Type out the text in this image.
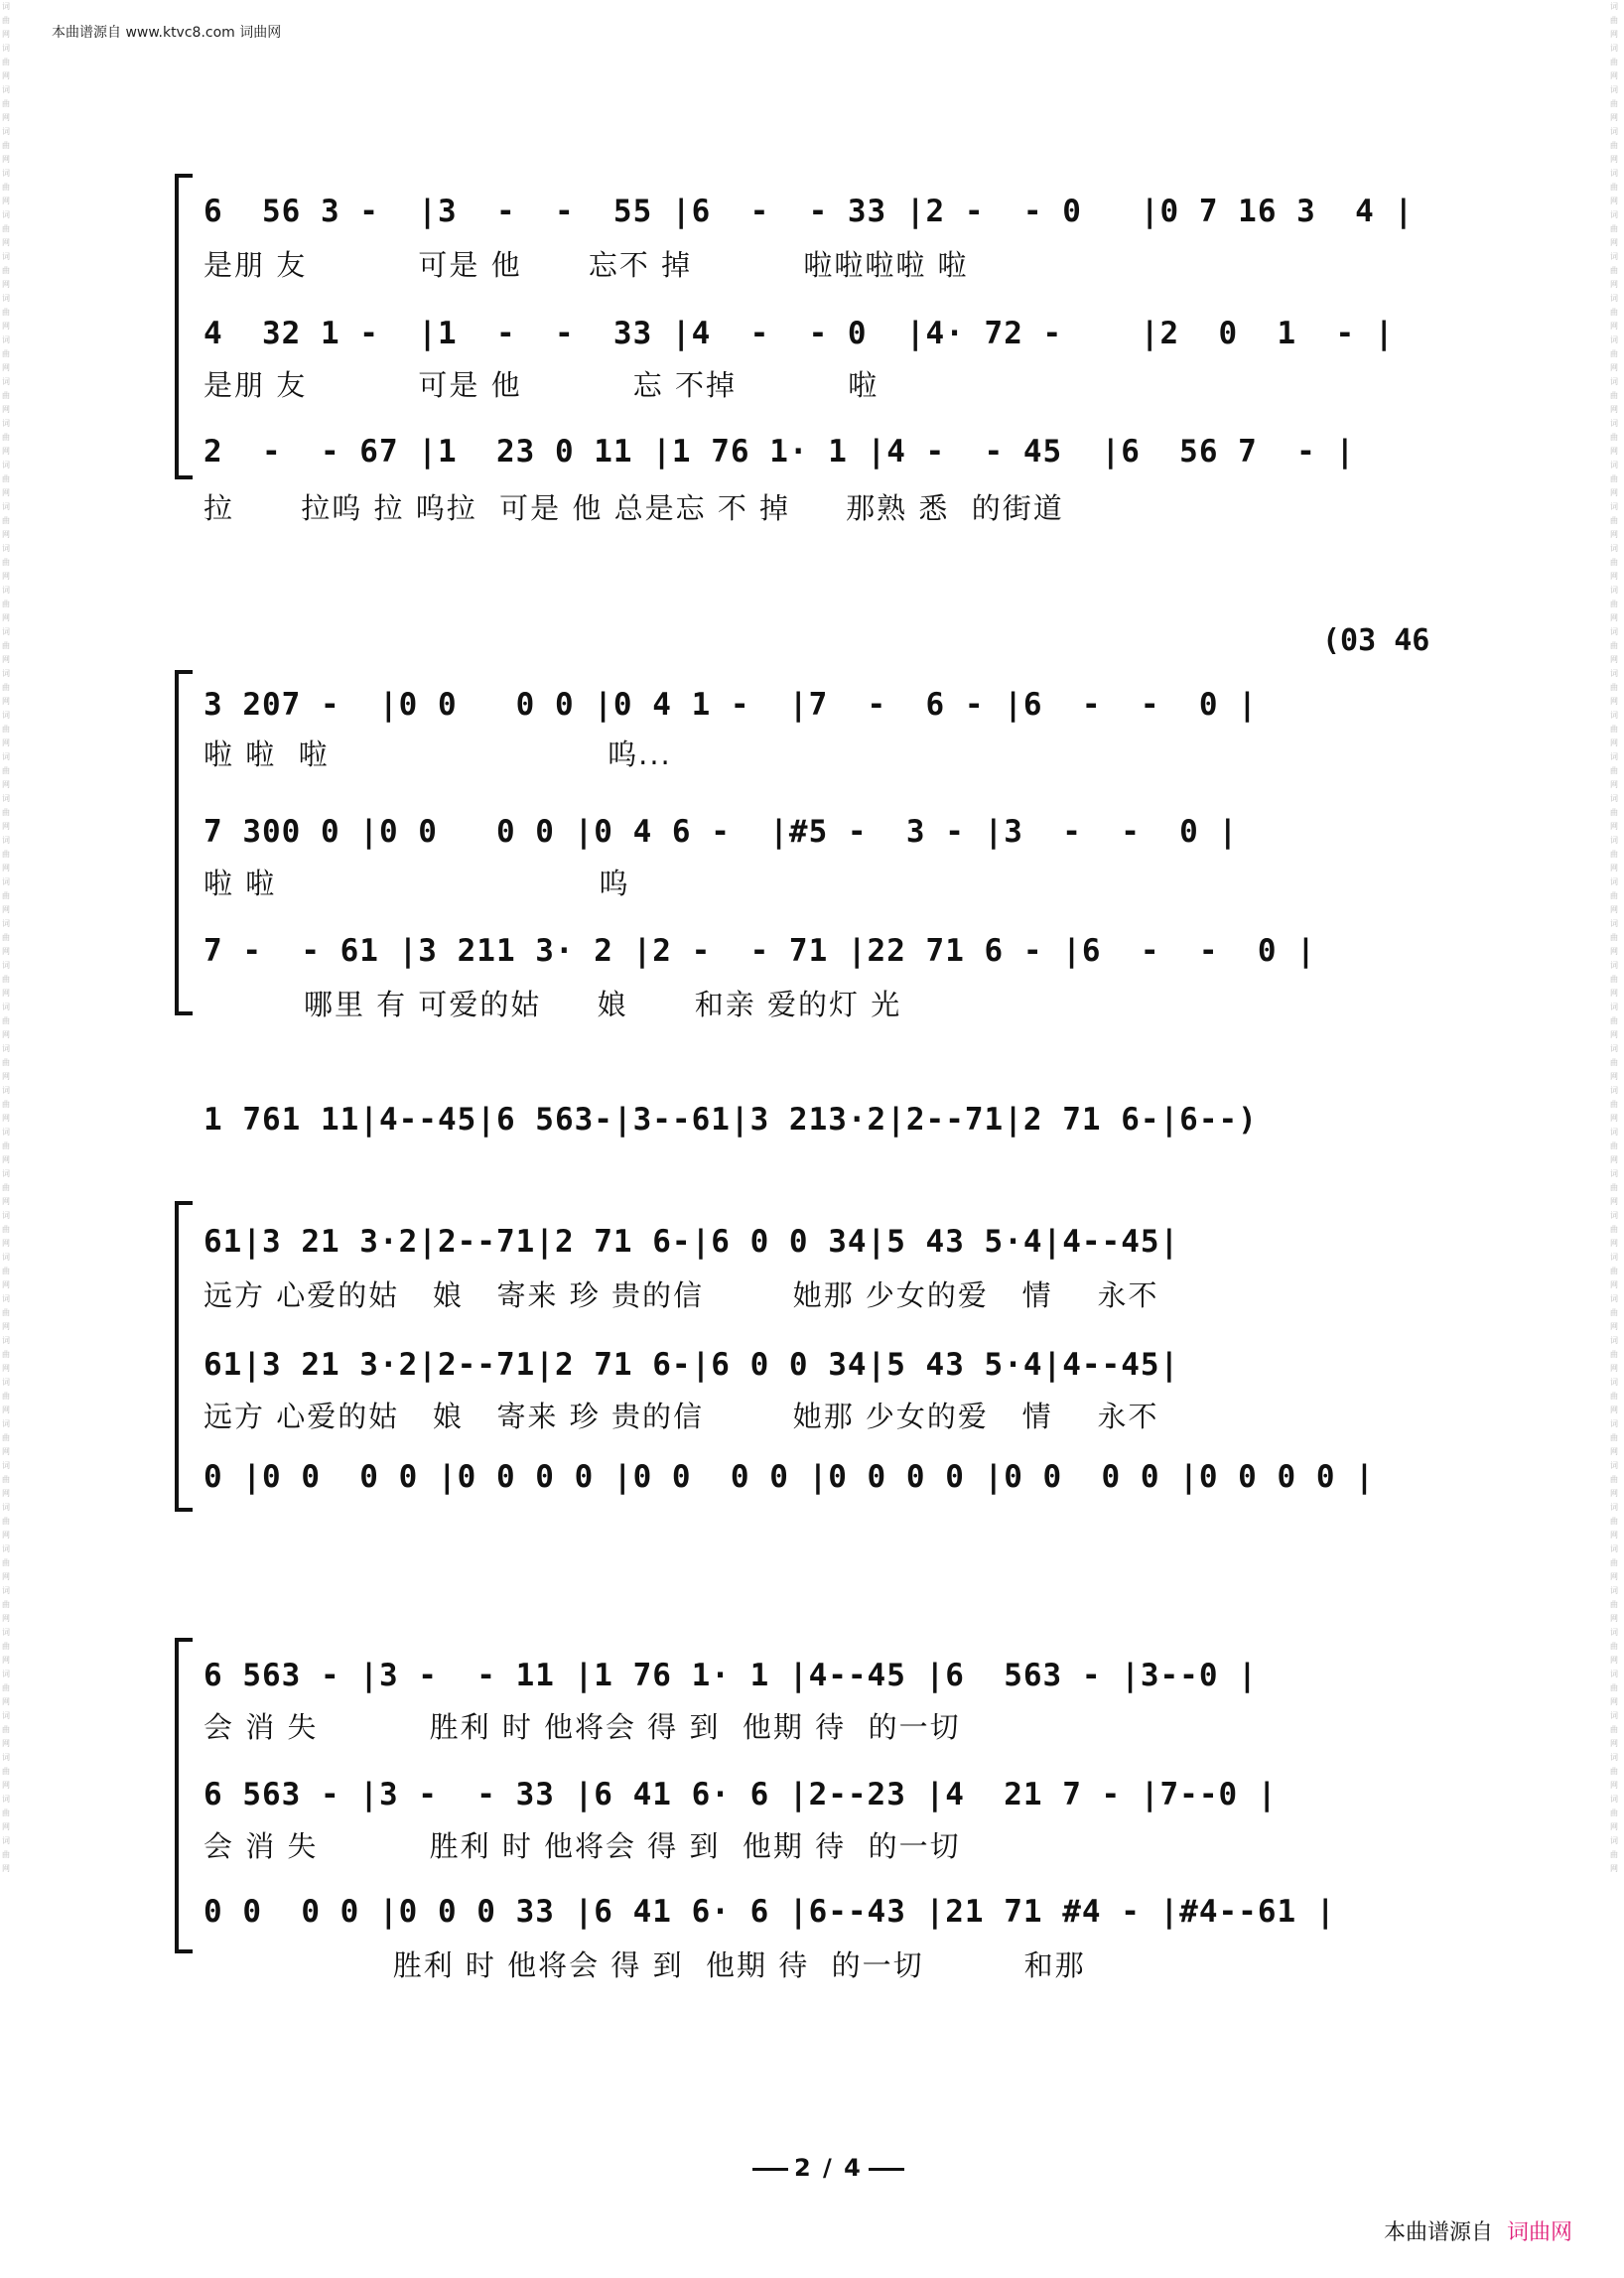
本曲谱源自 www.ktvc8.com 词曲网
词曲网词曲网词曲网词曲网词曲网词曲网词曲网词曲网词曲网词曲网词曲网词曲网词曲网词曲网词曲网词曲网词曲网词曲网词曲网词曲网词曲网词曲网词曲网词曲网词曲网词曲网词曲网词曲网词曲网词曲网词曲网词曲网词曲网词曲网词曲网词曲网词曲网词曲网词曲网词曲网词曲网词曲网词曲网词曲网词曲网
词曲网词曲网词曲网词曲网词曲网词曲网词曲网词曲网词曲网词曲网词曲网词曲网词曲网词曲网词曲网词曲网词曲网词曲网词曲网词曲网词曲网词曲网词曲网词曲网词曲网词曲网词曲网词曲网词曲网词曲网词曲网词曲网词曲网词曲网词曲网词曲网词曲网词曲网词曲网词曲网词曲网词曲网词曲网词曲网词曲网
6  56 3 -  |3  -  -  55 |6  -  - 33 |2 -  - 0   |0 7 16 3  4 |
是朋 友          可是 他      忘不 掉          啦啦啦啦 啦
4  32 1 -  |1  -  -  33 |4  -  - 0  |4· 72 -    |2  0  1  - |
是朋 友          可是 他          忘 不掉          啦
2  -  - 67 |1  23 0 11 |1 76 1· 1 |4 -  - 45  |6  56 7  - |
拉      拉呜 拉 呜拉  可是 他 总是忘 不 掉     那熟 悉  的街道
(03 46
3 207 -  |0 0   0 0 |0 4 1 -  |7  -  6 - |6  -  -  0 |
啦 啦  啦                         呜...
7 300 0 |0 0   0 0 |0 4 6 -  |#5 -  3 - |3  -  -  0 |
啦 啦                             呜
7 -  - 61 |3 211 3· 2 |2 -  - 71 |22 71 6 - |6  -  -  0 |
哪里 有 可爱的姑     娘      和亲 爱的灯 光
1 761 11|4--45|6 563-|3--61|3 213·2|2--71|2 71 6-|6--)
61|3 21 3·2|2--71|2 71 6-|6 0 0 34|5 43 5·4|4--45|
远方 心爱的姑   娘   寄来 珍 贵的信        她那 少女的爱   情    永不
61|3 21 3·2|2--71|2 71 6-|6 0 0 34|5 43 5·4|4--45|
远方 心爱的姑   娘   寄来 珍 贵的信        她那 少女的爱   情    永不
0 |0 0  0 0 |0 0 0 0 |0 0  0 0 |0 0 0 0 |0 0  0 0 |0 0 0 0 |
6 563 - |3 -  - 11 |1 76 1· 1 |4--45 |6  563 - |3--0 |
会 消 失          胜利 时 他将会 得 到  他期 待  的一切
6 563 - |3 -  - 33 |6 41 6· 6 |2--23 |4  21 7 - |7--0 |
会 消 失          胜利 时 他将会 得 到  他期 待  的一切
0 0  0 0 |0 0 0 33 |6 41 6· 6 |6--43 |21 71 #4 - |#4--61 |
胜利 时 他将会 得 到  他期 待  的一切         和那
2 / 4
本曲谱源自 词曲网
